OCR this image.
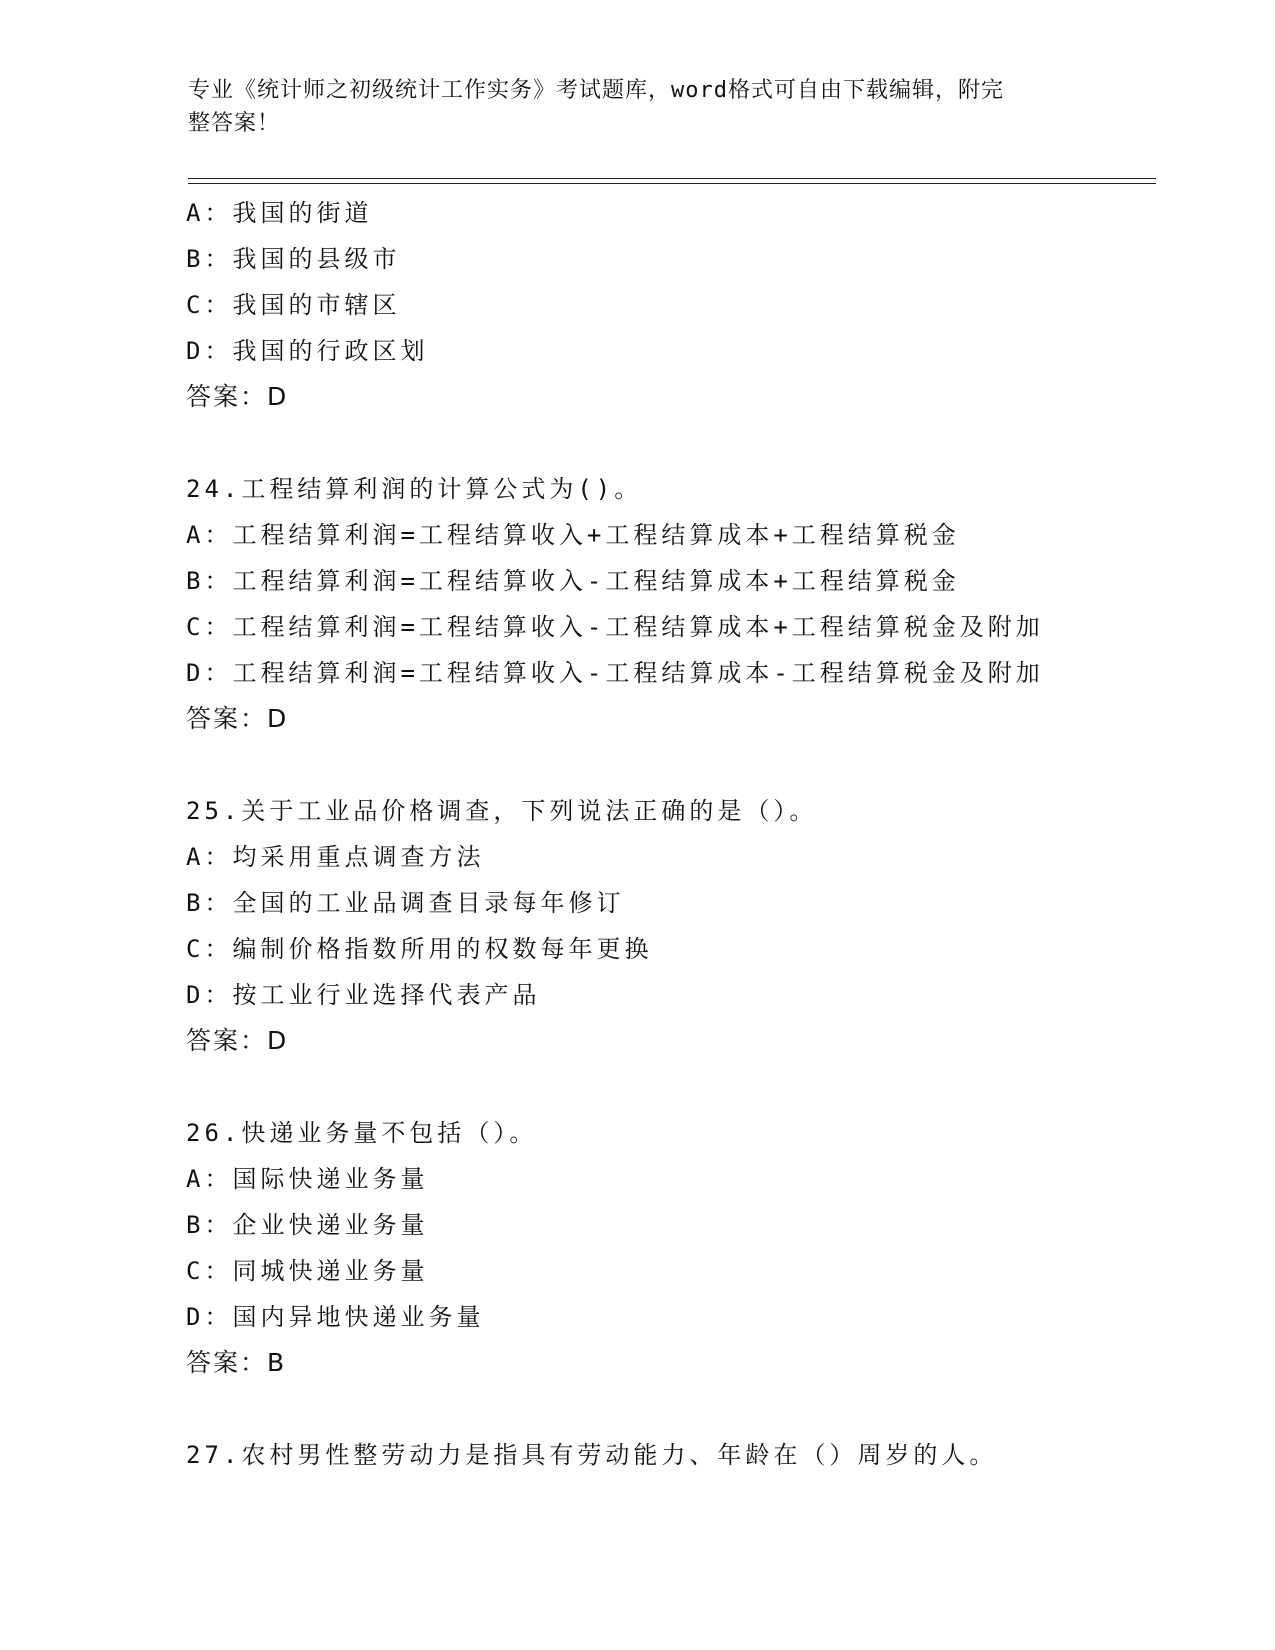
专业《统计师之初级统计工作实务》考试题库，word格式可自由下载编辑，附完
整答案！
A：我国的街道
B：我国的县级市
C：我国的市辖区
D：我国的行政区划
答案：D
24.工程结算利润的计算公式为()。
A：工程结算利润=工程结算收入+工程结算成本+工程结算税金
B：工程结算利润=工程结算收入-工程结算成本+工程结算税金
C：工程结算利润=工程结算收入-工程结算成本+工程结算税金及附加
D：工程结算利润=工程结算收入-工程结算成本-工程结算税金及附加
答案：D
25.关于工业品价格调查，下列说法正确的是（）。
A：均采用重点调查方法
B：全国的工业品调查目录每年修订
C：编制价格指数所用的权数每年更换
D：按工业行业选择代表产品
答案：D
26.快递业务量不包括（）。
A：国际快递业务量
B：企业快递业务量
C：同城快递业务量
D：国内异地快递业务量
答案：B
27.农村男性整劳动力是指具有劳动能力、年龄在（）周岁的人。
